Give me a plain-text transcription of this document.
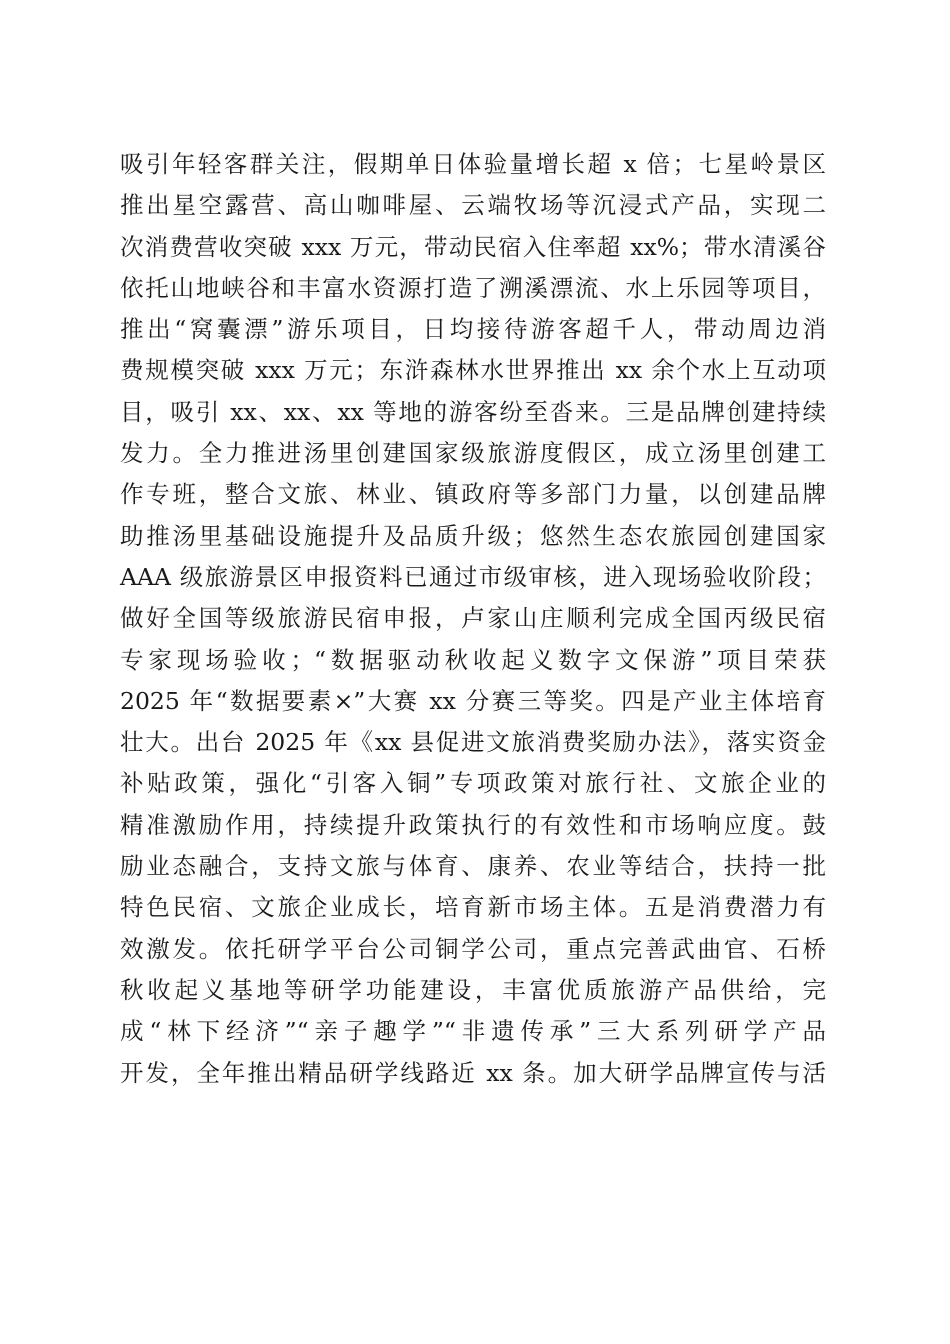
吸引年轻客群关注，假期单日体验量增长超 x 倍；七星岭景区
推出星空露营、高山咖啡屋、云端牧场等沉浸式产品，实现二
次消费营收突破 xxx 万元，带动民宿入住率超 xx%；带水清溪谷
依托山地峡谷和丰富水资源打造了溯溪漂流、水上乐园等项目，
推出“窝囊漂”游乐项目，日均接待游客超千人，带动周边消
费规模突破 xxx 万元；东浒森林水世界推出 xx 余个水上互动项
目，吸引 xx、xx、xx 等地的游客纷至沓来。三是品牌创建持续
发力。全力推进汤里创建国家级旅游度假区，成立汤里创建工
作专班，整合文旅、林业、镇政府等多部门力量，以创建品牌
助推汤里基础设施提升及品质升级；悠然生态农旅园创建国家
AAA 级旅游景区申报资料已通过市级审核，进入现场验收阶段；
做好全国等级旅游民宿申报，卢家山庄顺利完成全国丙级民宿
专家现场验收；“数据驱动秋收起义数字文保游”项目荣获
2025 年“数据要素×”大赛 xx 分赛三等奖。四是产业主体培育
壮大。出台 2025 年《xx 县促进文旅消费奖励办法》，落实资金
补贴政策，强化“引客入铜”专项政策对旅行社、文旅企业的
精准激励作用，持续提升政策执行的有效性和市场响应度。鼓
励业态融合，支持文旅与体育、康养、农业等结合，扶持一批
特色民宿、文旅企业成长，培育新市场主体。五是消费潜力有
效激发。依托研学平台公司铜学公司，重点完善武曲官、石桥
秋收起义基地等研学功能建设，丰富优质旅游产品供给，完
成“林下经济”“亲子趣学”“非遗传承”三大系列研学产品
开发，全年推出精品研学线路近 xx 条。加大研学品牌宣传与活
